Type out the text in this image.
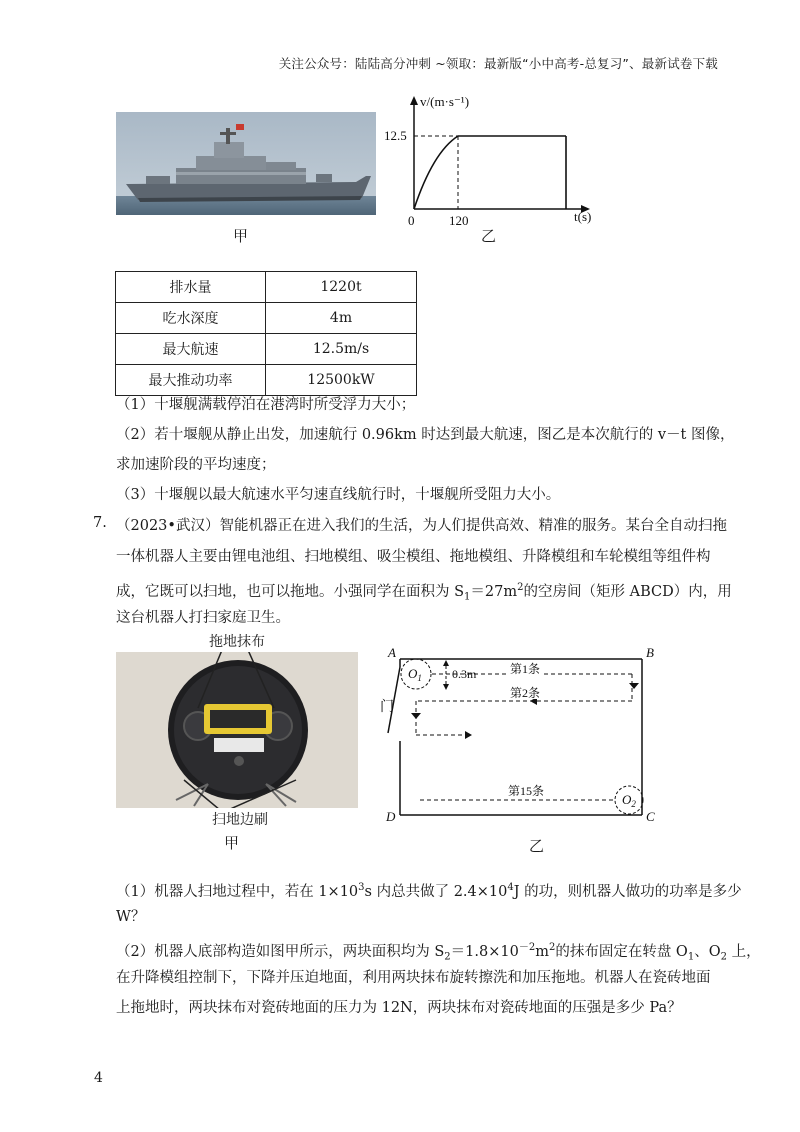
关注公众号：陆陆高分冲刺 ~领取：最新版“小中高考-总复习”、最新试卷下载
甲
v/(m·s⁻¹)
t(s)
12.5
120
0
乙
排水量	1220t
吃水深度	4m
最大航速	12.5m/s
最大推动功率	12500kW
（1）十堰舰满载停泊在港湾时所受浮力大小；
（2）若十堰舰从静止出发，加速航行 0.96km 时达到最大航速，图乙是本次航行的 v－t 图像，
求加速阶段的平均速度；
（3）十堰舰以最大航速水平匀速直线航行时，十堰舰所受阻力大小。
7. （2023•武汉）智能机器正在进入我们的生活，为人们提供高效、精准的服务。某台全自动扫拖
一体机器人主要由锂电池组、扫地模组、吸尘模组、拖地模组、升降模组和车轮模组等组件构
成，它既可以扫地，也可以拖地。小强同学在面积为 $S_1=27m^2$的空房间（矩形 ABCD）内，用
这台机器人打扫家庭卫生。
拖地抹布
扫地边刷
甲
门
A	B
C
D
$O_1$	0.3m	第1条
第2条
第15条
$O_2$
乙
（1）机器人扫地过程中，若在 $1\times 10^3s$ 内总共做了 $2.4\times 10^4J$ 的功，则机器人做功的功率是多少
W？
（2）机器人底部构造如图甲所示，两块面积均为 $S_2=1.8\times 10^{-2}m^2$的抹布固定在转盘 $O_1$、$O_2$ 上，
在升降模组控制下，下降并压迫地面，利用两块抹布旋转擦洗和加压拖地。机器人在瓷砖地面
上拖地时，两块抹布对瓷砖地面的压力为 12N，两块抹布对瓷砖地面的压强是多少 Pa？
4
